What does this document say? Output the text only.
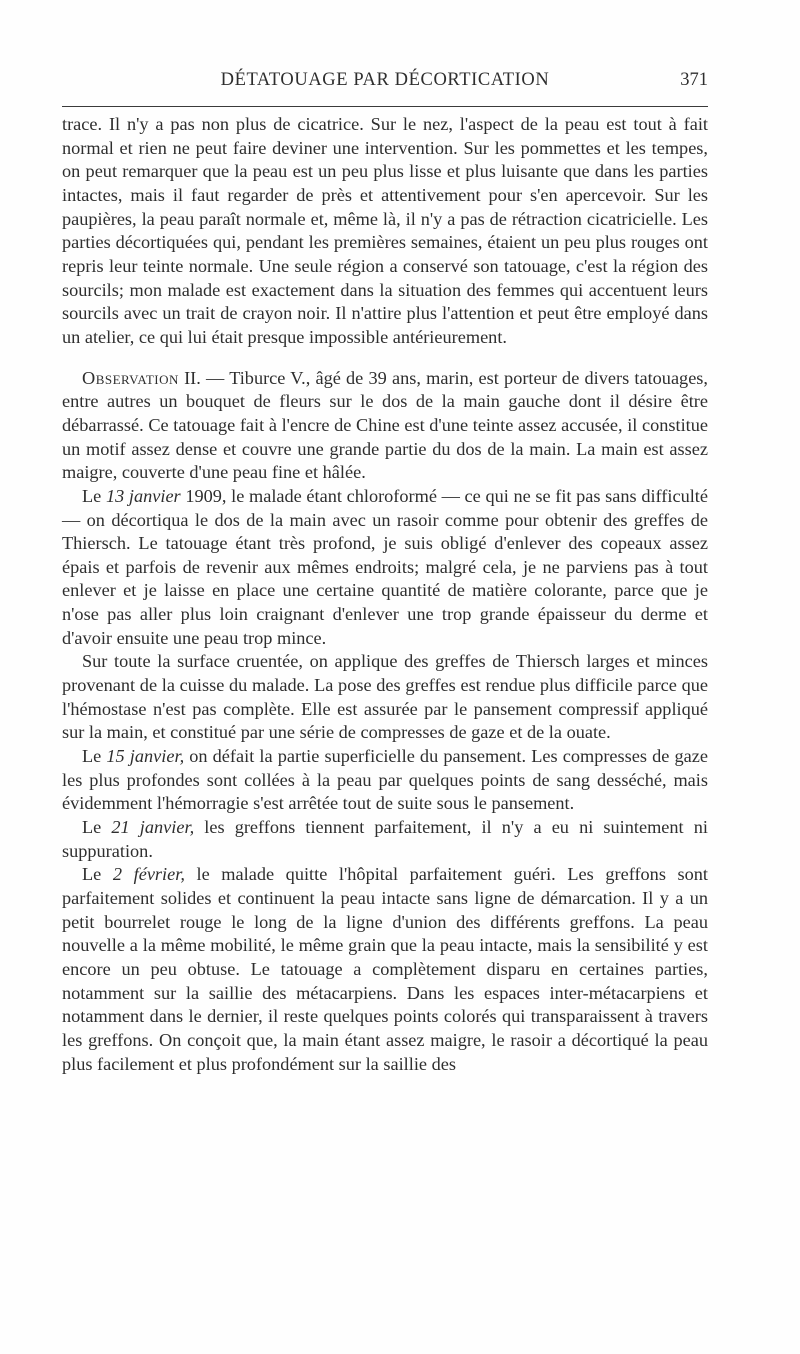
DÉTATOUAGE PAR DÉCORTICATION	371

trace. Il n'y a pas non plus de cicatrice. Sur le nez, l'aspect de la peau est tout à fait normal et rien ne peut faire deviner une intervention. Sur les pommettes et les tempes, on peut remarquer que la peau est un peu plus lisse et plus luisante que dans les parties intactes, mais il faut regarder de près et attentivement pour s'en apercevoir. Sur les paupières, la peau paraît normale et, même là, il n'y a pas de rétraction cicatricielle. Les parties décortiquées qui, pendant les premières semaines, étaient un peu plus rouges ont repris leur teinte normale. Une seule région a conservé son tatouage, c'est la région des sourcils; mon malade est exactement dans la situation des femmes qui accentuent leurs sourcils avec un trait de crayon noir. Il n'attire plus l'attention et peut être employé dans un atelier, ce qui lui était presque impossible antérieurement.

Observation II. — Tiburce V., âgé de 39 ans, marin, est porteur de divers tatouages, entre autres un bouquet de fleurs sur le dos de la main gauche dont il désire être débarrassé. Ce tatouage fait à l'encre de Chine est d'une teinte assez accusée, il constitue un motif assez dense et couvre une grande partie du dos de la main. La main est assez maigre, couverte d'une peau fine et hâlée.

Le 13 janvier 1909, le malade étant chloroformé — ce qui ne se fit pas sans difficulté — on décortiqua le dos de la main avec un rasoir comme pour obtenir des greffes de Thiersch. Le tatouage étant très profond, je suis obligé d'enlever des copeaux assez épais et parfois de revenir aux mêmes endroits; malgré cela, je ne parviens pas à tout enlever et je laisse en place une certaine quantité de matière colorante, parce que je n'ose pas aller plus loin craignant d'enlever une trop grande épaisseur du derme et d'avoir ensuite une peau trop mince.

Sur toute la surface cruentée, on applique des greffes de Thiersch larges et minces provenant de la cuisse du malade. La pose des greffes est rendue plus difficile parce que l'hémostase n'est pas complète. Elle est assurée par le pansement compressif appliqué sur la main, et constitué par une série de compresses de gaze et de la ouate.

Le 15 janvier, on défait la partie superficielle du pansement. Les compresses de gaze les plus profondes sont collées à la peau par quelques points de sang desséché, mais évidemment l'hémorragie s'est arrêtée tout de suite sous le pansement.

Le 21 janvier, les greffons tiennent parfaitement, il n'y a eu ni suintement ni suppuration.

Le 2 février, le malade quitte l'hôpital parfaitement guéri. Les greffons sont parfaitement solides et continuent la peau intacte sans ligne de démarcation. Il y a un petit bourrelet rouge le long de la ligne d'union des différents greffons. La peau nouvelle a la même mobilité, le même grain que la peau intacte, mais la sensibilité y est encore un peu obtuse. Le tatouage a complètement disparu en certaines parties, notamment sur la saillie des métacarpiens. Dans les espaces inter-métacarpiens et notamment dans le dernier, il reste quelques points colorés qui transparaissent à travers les greffons. On conçoit que, la main étant assez maigre, le rasoir a décortiqué la peau plus facilement et plus profondément sur la saillie des
